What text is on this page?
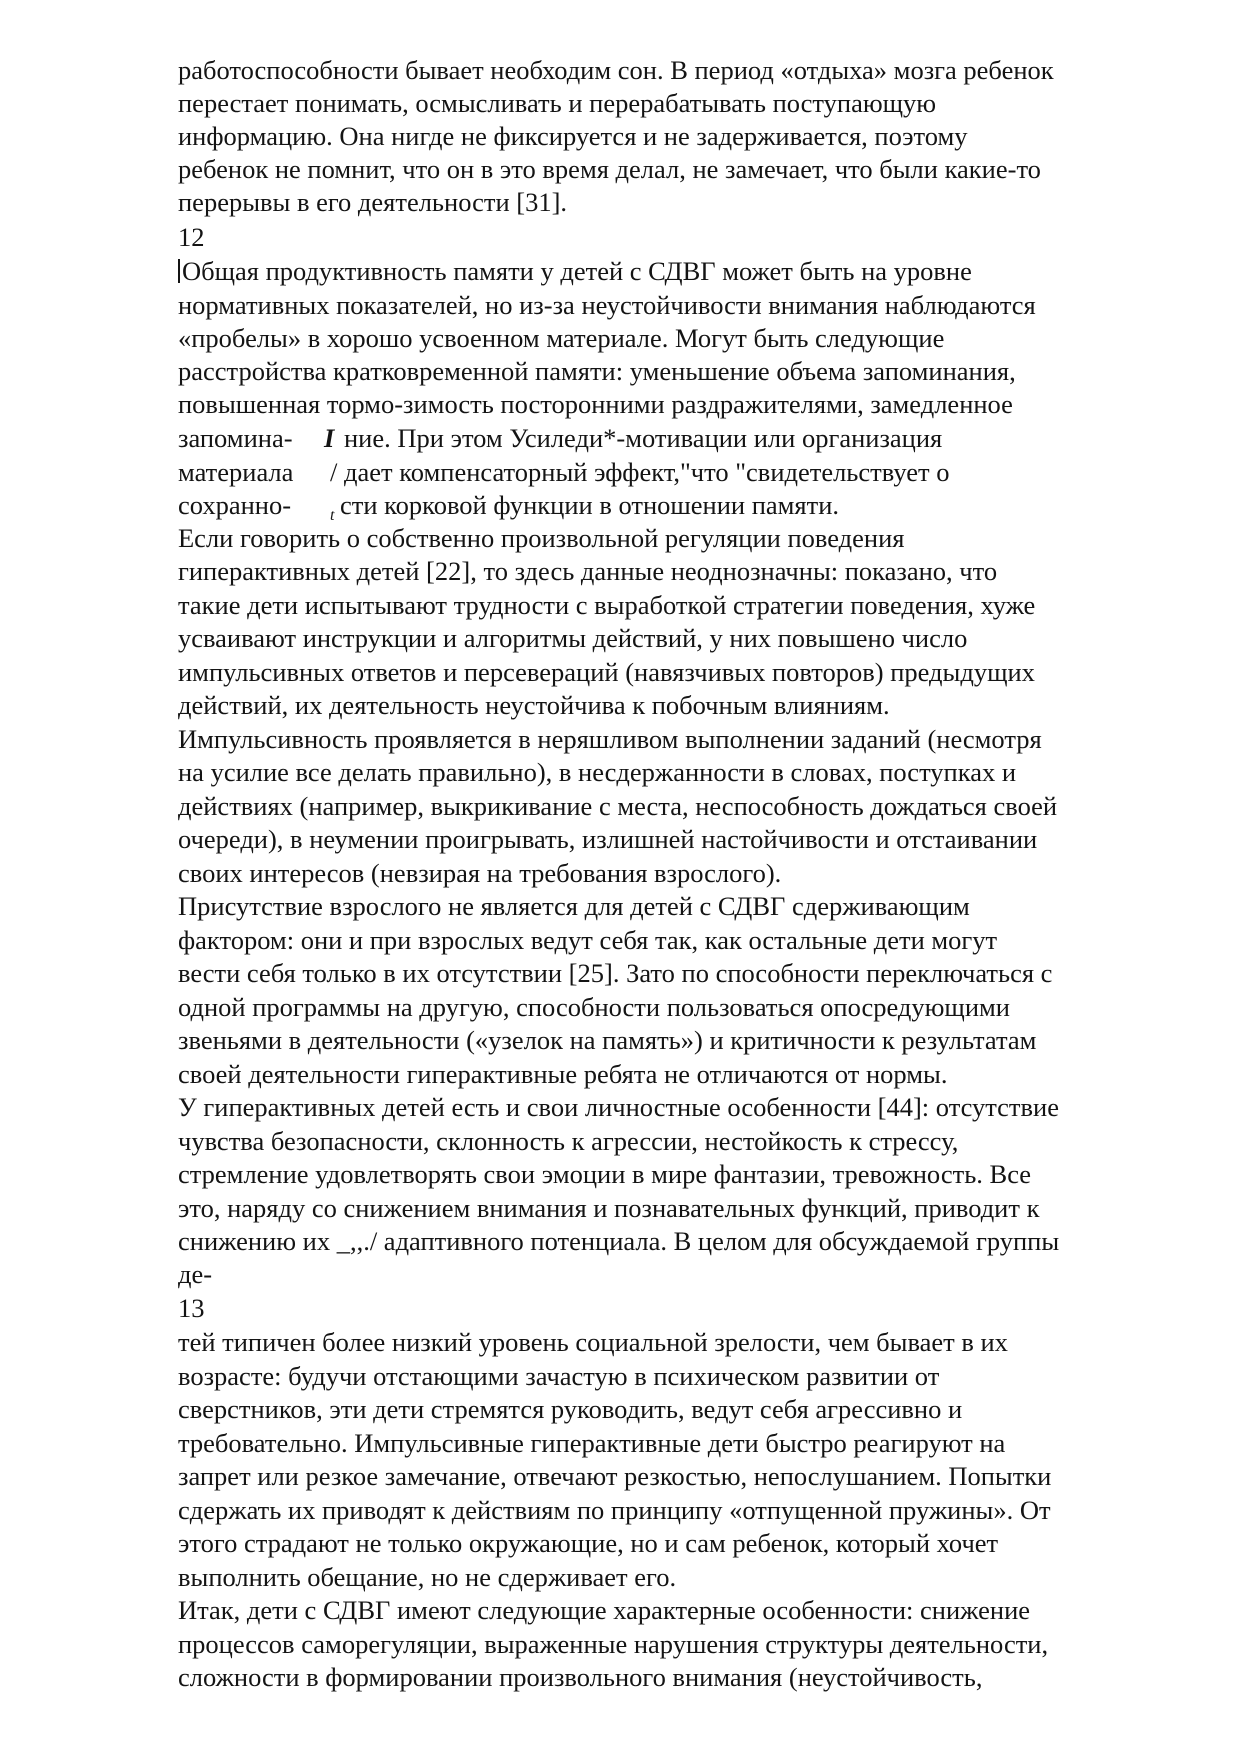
работоспособности бывает необходим сон. В период «отдыха» мозга ребенок
перестает понимать, осмысливать и перерабатывать поступающую
информацию. Она нигде не фиксируется и не задерживается, поэтому
ребенок не помнит, что он в это время делал, не замечает, что были какие-то
перерывы в его деятельности [31].
12
Общая продуктивность памяти у детей с СДВГ может быть на уровне
нормативных показателей, но из-за неустойчивости внимания наблюдаются
«пробелы» в хорошо усвоенном материале. Могут быть следующие
расстройства кратковременной памяти: уменьшение объема запоминания,
повышенная тормо-зимость посторонними раздражителями, замедленное
запомина- I ние. При этом Усиледи*-мотивации или организация
материала / дает компенсаторный эффект,"что "свидетельствует о
сохранно- $_t$ сти корковой функции в отношении памяти.
Если говорить о собственно произвольной регуляции поведения
гиперактивных детей [22], то здесь данные неоднозначны: показано, что
такие дети испытывают трудности с выработкой стратегии поведения, хуже
усваивают инструкции и алгоритмы действий, у них повышено число
импульсивных ответов и персевераций (навязчивых повторов) предыдущих
действий, их деятельность неустойчива к побочным влияниям.
Импульсивность проявляется в неряшливом выполнении заданий (несмотря
на усилие все делать правильно), в несдержанности в словах, поступках и
действиях (например, выкрикивание с места, неспособность дождаться своей
очереди), в неумении проигрывать, излишней настойчивости и отстаивании
своих интересов (невзирая на требования взрослого).
Присутствие взрослого не является для детей с СДВГ сдерживающим
фактором: они и при взрослых ведут себя так, как остальные дети могут
вести себя только в их отсутствии [25]. Зато по способности переключаться с
одной программы на другую, способности пользоваться опосредующими
звеньями в деятельности («узелок на память») и критичности к результатам
своей деятельности гиперактивные ребята не отличаются от нормы.
У гиперактивных детей есть и свои личностные особенности [44]: отсутствие
чувства безопасности, склонность к агрессии, нестойкость к стрессу,
стремление удовлетворять свои эмоции в мире фантазии, тревожность. Все
это, наряду со снижением внимания и познавательных функций, приводит к
снижению их _,,./ адаптивного потенциала. В целом для обсуждаемой группы
де-
13
тей типичен более низкий уровень социальной зрелости, чем бывает в их
возрасте: будучи отстающими зачастую в психическом развитии от
сверстников, эти дети стремятся руководить, ведут себя агрессивно и
требовательно. Импульсивные гиперактивные дети быстро реагируют на
запрет или резкое замечание, отвечают резкостью, непослушанием. Попытки
сдержать их приводят к действиям по принципу «отпущенной пружины». От
этого страдают не только окружающие, но и сам ребенок, который хочет
выполнить обещание, но не сдерживает его.
Итак, дети с СДВГ имеют следующие характерные особенности: снижение
процессов саморегуляции, выраженные нарушения структуры деятельности,
сложности в формировании произвольного внимания (неустойчивость,
